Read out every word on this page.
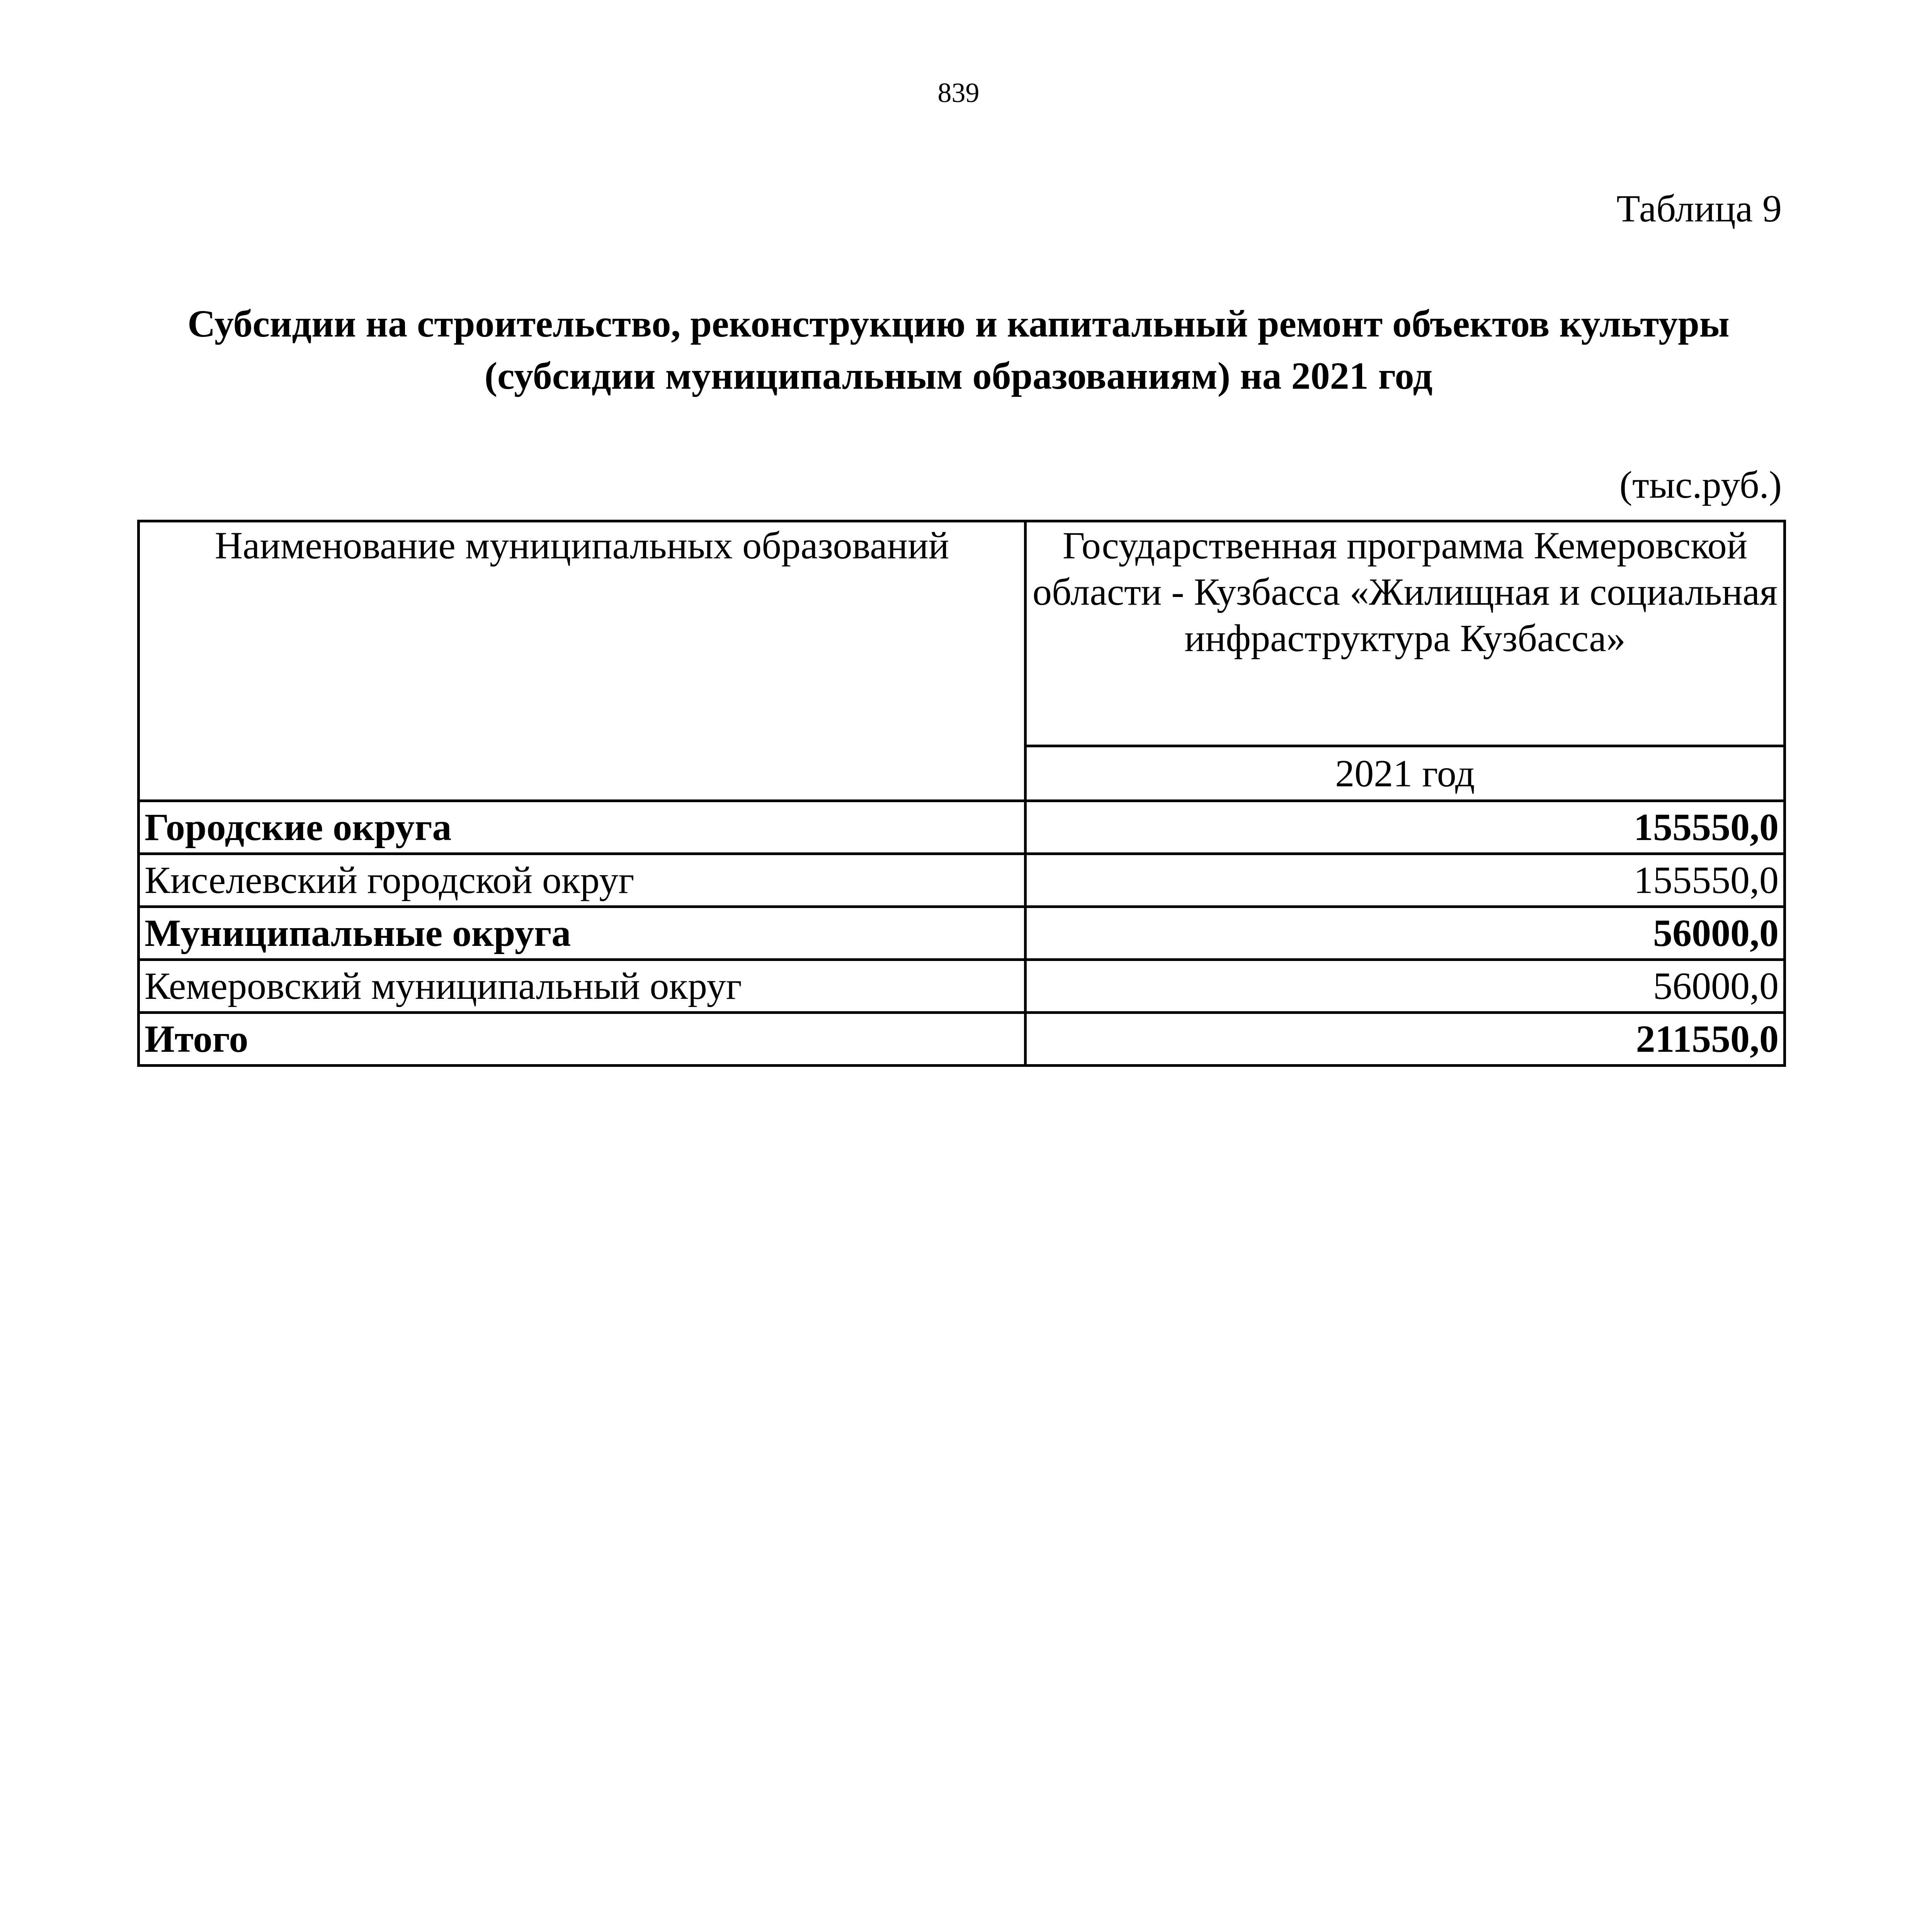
839
Таблица 9
Субсидии на строительство, реконструкцию и капитальный ремонт объектов культуры (субсидии муниципальным образованиям) на 2021 год
(тыс.руб.)
Наименование муниципальных образований	Государственная программа Кемеровской области - Кузбасса «Жилищная и социальная инфраструктура Кузбасса»
	2021 год
Городские округа	155550,0
Киселевский городской округ	155550,0
Муниципальные округа	56000,0
Кемеровский муниципальный округ	56000,0
Итого	211550,0
